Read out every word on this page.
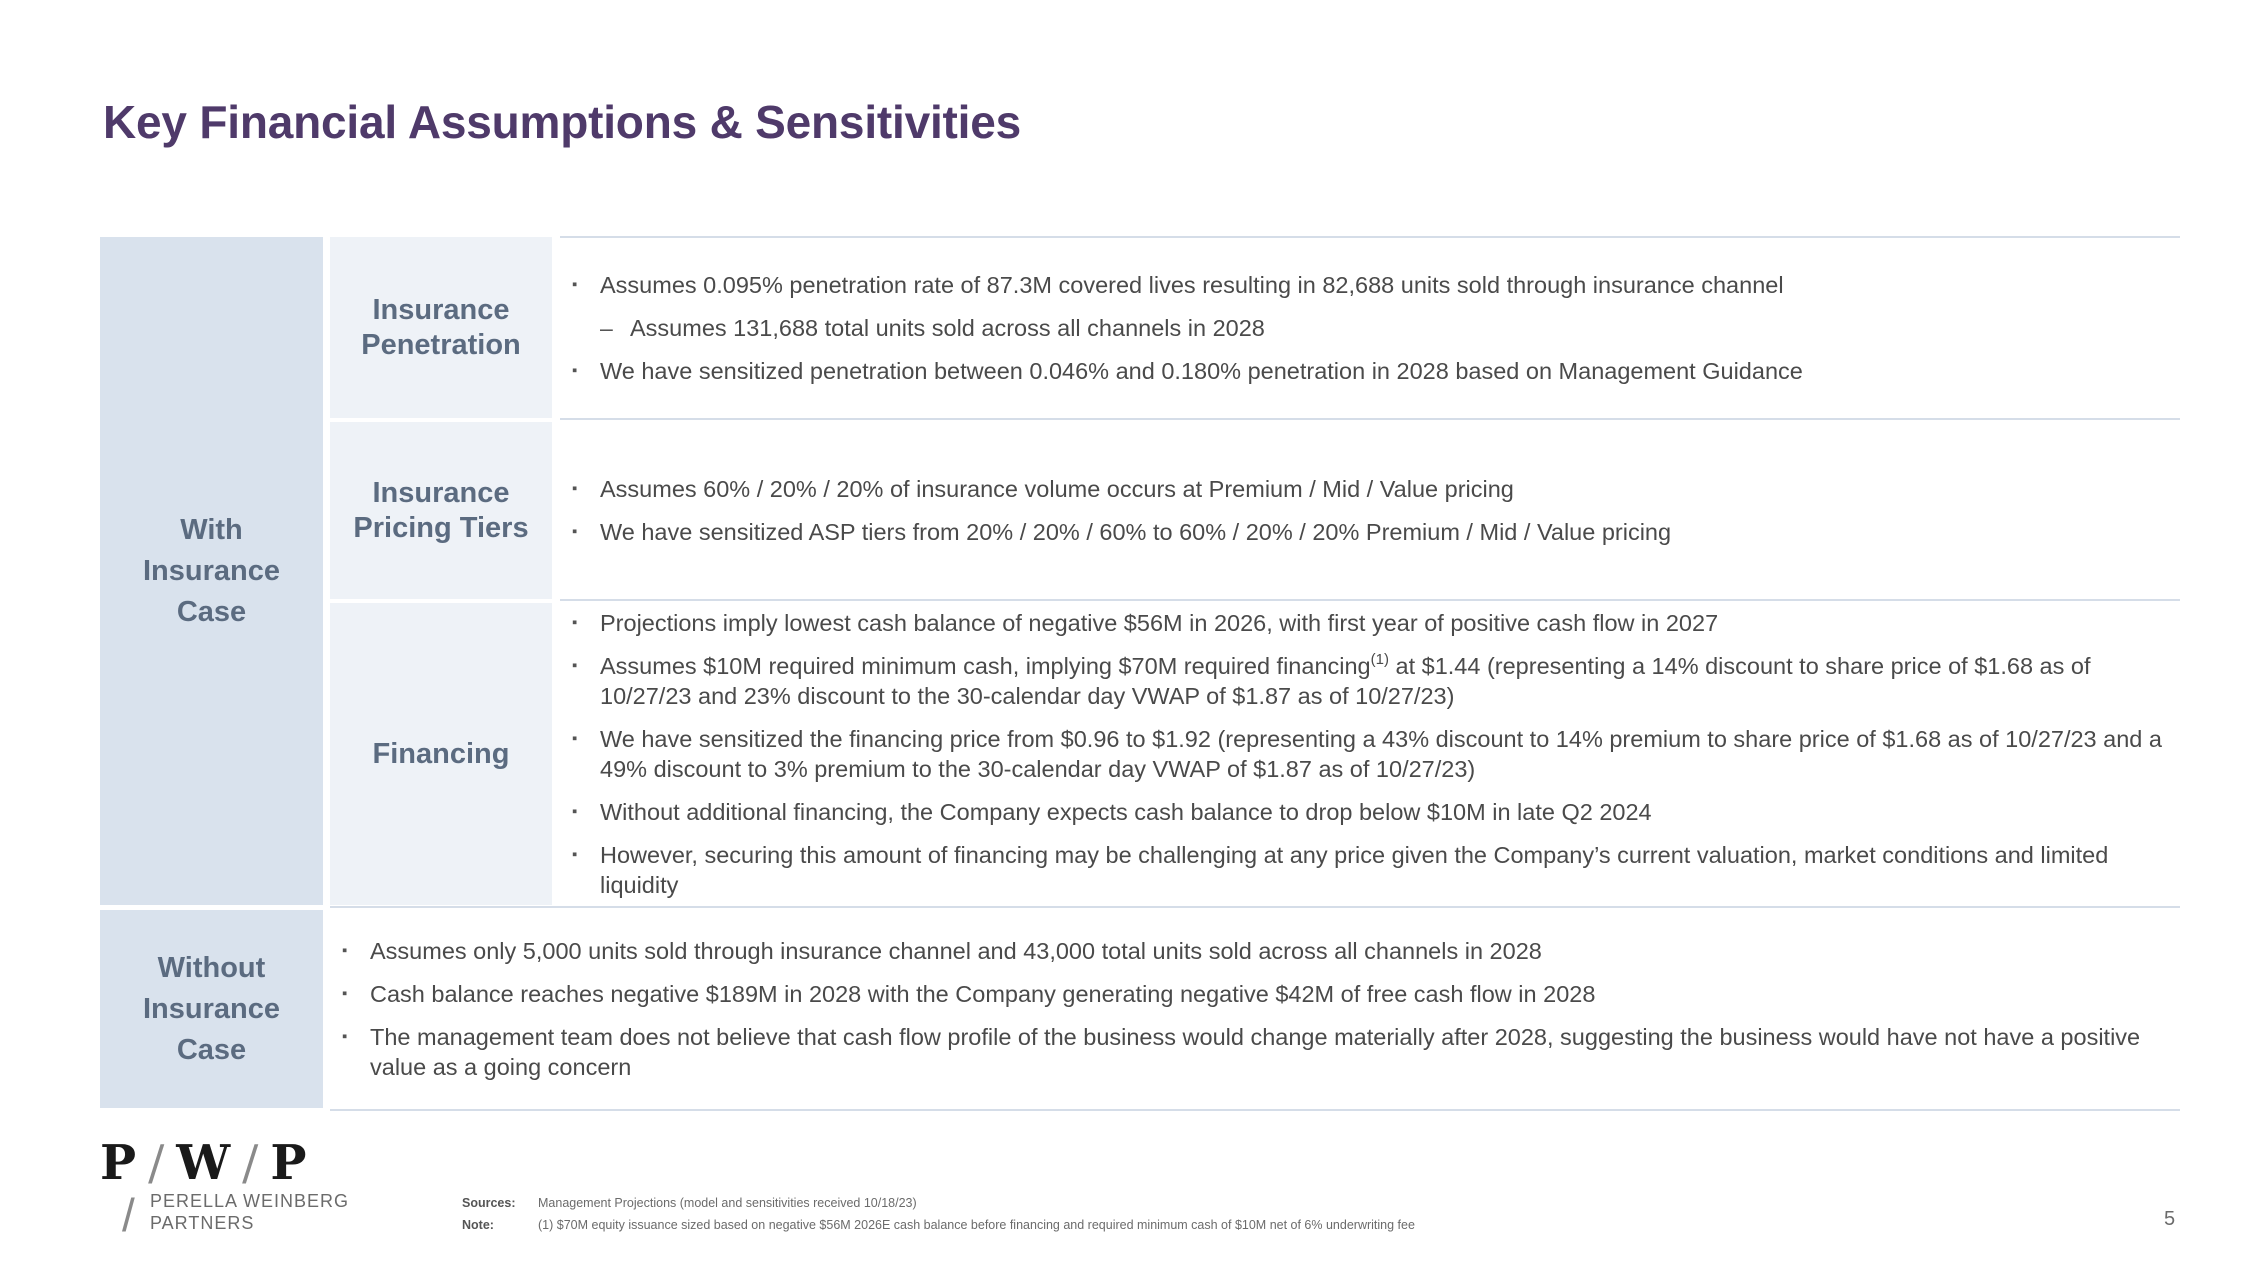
Key Financial Assumptions & Sensitivities
With Insurance Case
Insurance Penetration
▪ Assumes 0.095% penetration rate of 87.3M covered lives resulting in 82,688 units sold through insurance channel
– Assumes 131,688 total units sold across all channels in 2028
▪ We have sensitized penetration between 0.046% and 0.180% penetration in 2028 based on Management Guidance
Insurance Pricing Tiers
▪ Assumes 60% / 20% / 20% of insurance volume occurs at Premium / Mid / Value pricing
▪ We have sensitized ASP tiers from 20% / 20% / 60% to 60% / 20% / 20% Premium / Mid / Value pricing
Financing
▪ Projections imply lowest cash balance of negative $56M in 2026, with first year of positive cash flow in 2027
▪ Assumes $10M required minimum cash, implying $70M required financing$^{(1)}$ at $1.44 (representing a 14% discount to share price of $1.68 as of 10/27/23 and 23% discount to the 30-calendar day VWAP of $1.87 as of 10/27/23)
▪ We have sensitized the financing price from $0.96 to $1.92 (representing a 43% discount to 14% premium to share price of $1.68 as of 10/27/23 and a 49% discount to 3% premium to the 30-calendar day VWAP of $1.87 as of 10/27/23)
▪ Without additional financing, the Company expects cash balance to drop below $10M in late Q2 2024
▪ However, securing this amount of financing may be challenging at any price given the Company’s current valuation, market conditions and limited liquidity
Without Insurance Case
▪ Assumes only 5,000 units sold through insurance channel and 43,000 total units sold across all channels in 2028
▪ Cash balance reaches negative $189M in 2028 with the Company generating negative $42M of free cash flow in 2028
▪ The management team does not believe that cash flow profile of the business would change materially after 2028, suggesting the business would have not have a positive value as a going concern
P / W / P
/ PERELLA WEINBERG
PARTNERS
Sources: Management Projections (model and sensitivities received 10/18/23)
Note:	(1) $70M equity issuance sized based on negative $56M 2026E cash balance before financing and required minimum cash of $10M net of 6% underwriting fee	5
